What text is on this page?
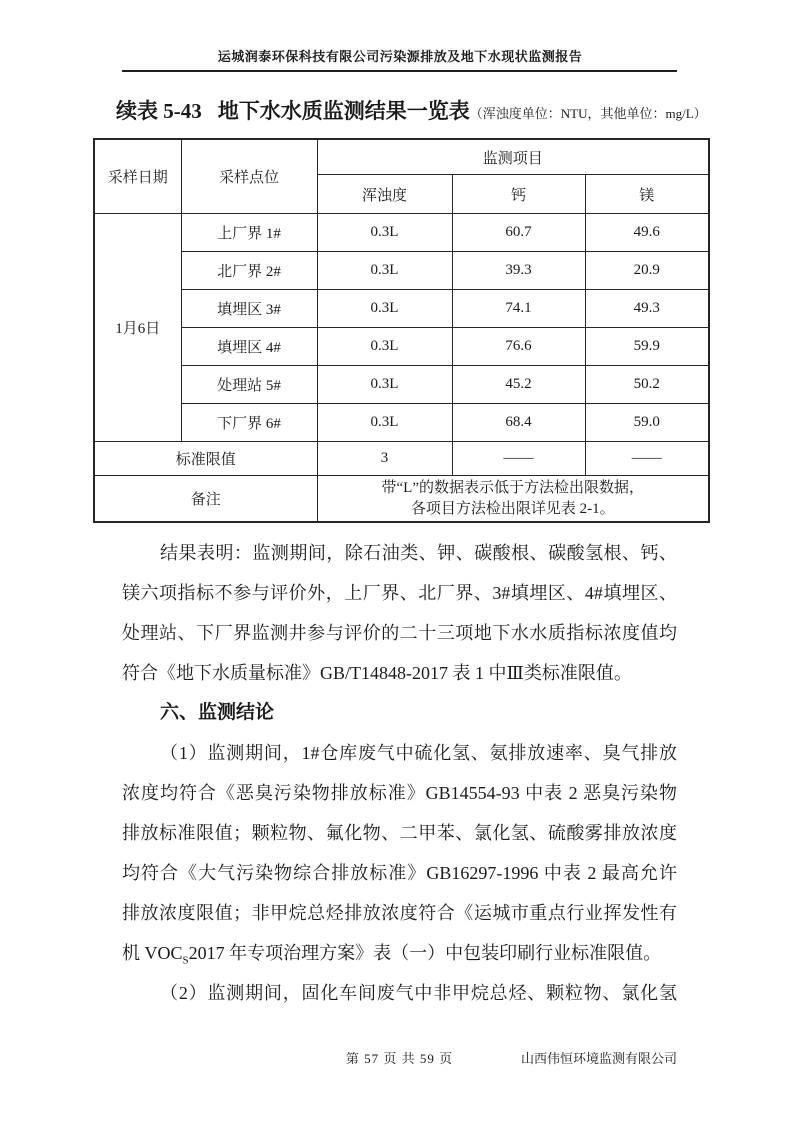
运城润泰环保科技有限公司污染源排放及地下水现状监测报告
续表 5-43 地下水水质监测结果一览表（浑浊度单位：NTU，其他单位：mg/L）
采样日期	采样点位	监测项目		
		浑浊度	钙	镁
1月6日	上厂界 1#	0.3L	60.7	49.6
	北厂界 2#	0.3L	39.3	20.9
	填埋区 3#	0.3L	74.1	49.3
	填埋区 4#	0.3L	76.6	59.9
	处理站 5#	0.3L	45.2	50.2
	下厂界 6#	0.3L	68.4	59.0
标准限值		3	——	——
备注		带“L”的数据表示低于方法检出限数据，
各项目方法检出限详见表 2-1。		
结果表明：监测期间，除石油类、钾、碳酸根、碳酸氢根、钙、
镁六项指标不参与评价外，上厂界、北厂界、3#填埋区、4#填埋区、
处理站、下厂界监测井参与评价的二十三项地下水水质指标浓度值均
符合《地下水质量标准》GB/T14848-2017 表 1 中Ⅲ类标准限值。
六、监测结论
（1）监测期间，1#仓库废气中硫化氢、氨排放速率、臭气排放
浓度均符合《恶臭污染物排放标准》GB14554-93 中表 2 恶臭污染物
排放标准限值；颗粒物、氟化物、二甲苯、氯化氢、硫酸雾排放浓度
均符合《大气污染物综合排放标准》GB16297-1996 中表 2 最高允许
排放浓度限值；非甲烷总烃排放浓度符合《运城市重点行业挥发性有
机 $VOC_S2017$ 年专项治理方案》表（一）中包装印刷行业标准限值。
（2）监测期间，固化车间废气中非甲烷总烃、颗粒物、氯化氢
第 57 页 共 59 页	山西伟恒环境监测有限公司
